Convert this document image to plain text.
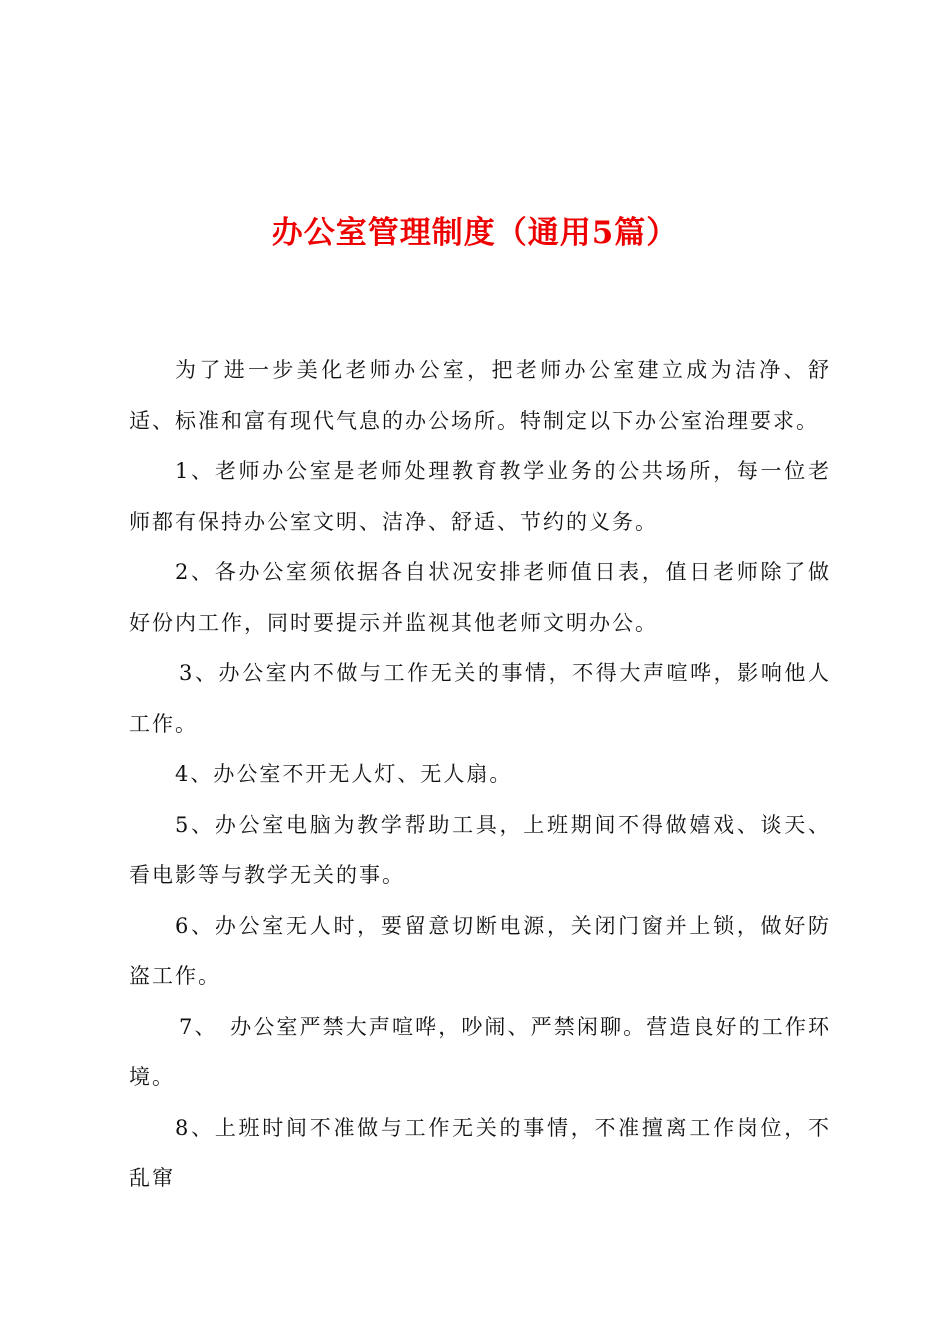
办公室管理制度（通用5篇）

为了进一步美化老师办公室，把老师办公室建立成为洁净、舒适、标准和富有现代气息的办公场所。特制定以下办公室治理要求。

1、老师办公室是老师处理教育教学业务的公共场所，每一位老师都有保持办公室文明、洁净、舒适、节约的义务。

2、各办公室须依据各自状况安排老师值日表，值日老师除了做好份内工作，同时要提示并监视其他老师文明办公。

3、办公室内不做与工作无关的事情，不得大声喧哗，影响他人工作。

4、办公室不开无人灯、无人扇。

5、办公室电脑为教学帮助工具，上班期间不得做嬉戏、谈天、看电影等与教学无关的事。

6、办公室无人时，要留意切断电源，关闭门窗并上锁，做好防盗工作。

7、　办公室严禁大声喧哗，吵闹、严禁闲聊。营造良好的工作环境。

8、上班时间不准做与工作无关的事情，不准擅离工作岗位，不乱窜
